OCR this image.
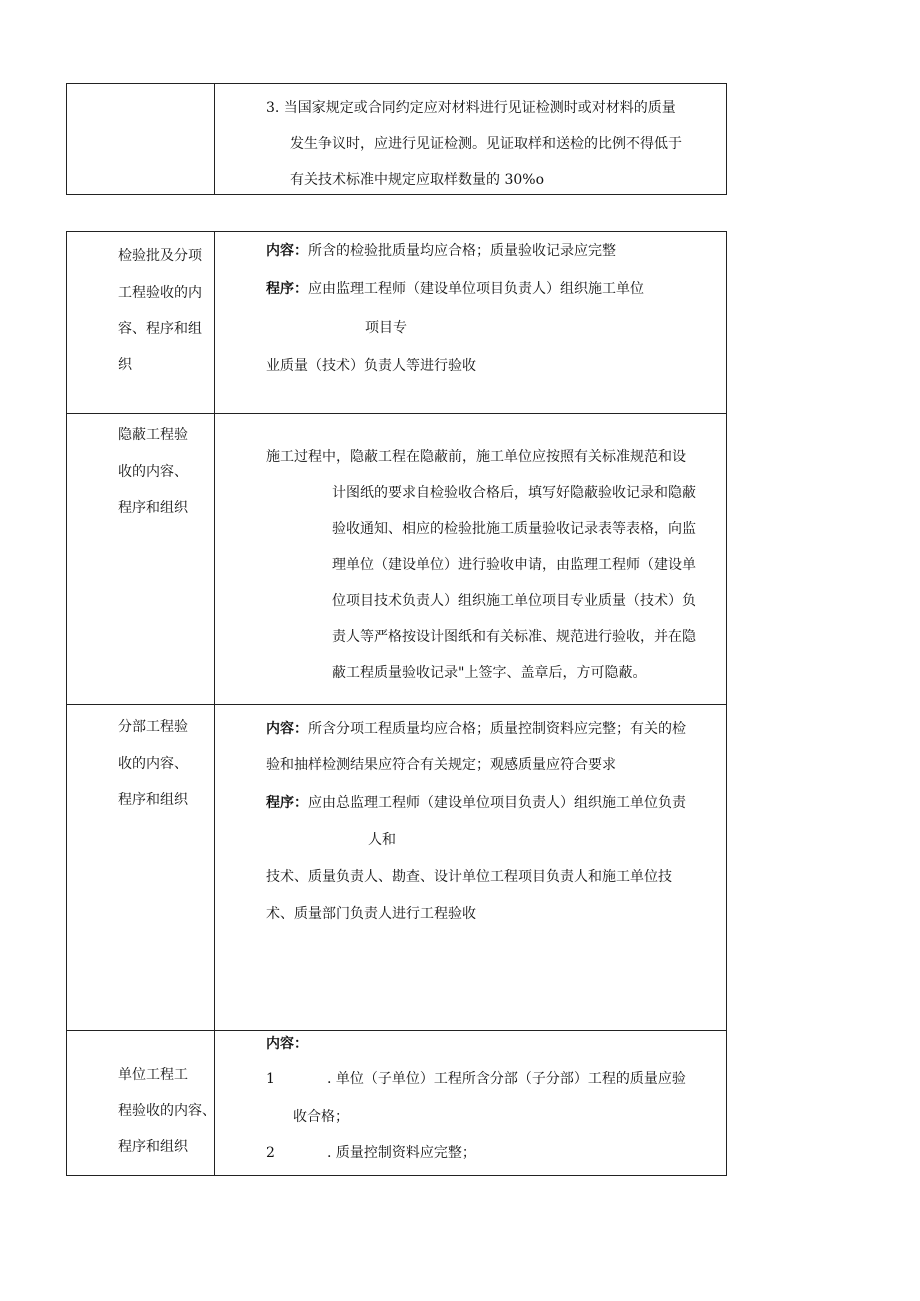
3. 当国家规定或合同约定应对材料进行见证检测时或对材料的质量
发生争议时，应进行见证检测。见证取样和送检的比例不得低于
有关技术标准中规定应取样数量的 30%o
检验批及分项
工程验收的内
容、程序和组
织
内容：所含的检验批质量均应合格；质量验收记录应完整
程序：应由监理工程师（建设单位项目负责人）组织施工单位
项目专
业质量（技术）负责人等进行验收
隐蔽工程验
收的内容、
程序和组织
施工过程中，隐蔽工程在隐蔽前，施工单位应按照有关标准规范和设
计图纸的要求自检验收合格后，填写好隐蔽验收记录和隐蔽
验收通知、相应的检验批施工质量验收记录表等表格，向监
理单位（建设单位）进行验收申请，由监理工程师（建设单
位项目技术负责人）组织施工单位项目专业质量（技术）负
责人等严格按设计图纸和有关标准、规范进行验收，并在隐
蔽工程质量验收记录"上签字、盖章后，方可隐蔽。
分部工程验
收的内容、
程序和组织
内容：所含分项工程质量均应合格；质量控制资料应完整；有关的检
验和抽样检测结果应符合有关规定；观感质量应符合要求
程序：应由总监理工程师（建设单位项目负责人）组织施工单位负责
人和
技术、质量负责人、勘查、设计单位工程项目负责人和施工单位技
术、质量部门负责人进行工程验收
单位工程工
程验收的内容、
程序和组织
内容：
1	. 单位（子单位）工程所含分部（子分部）工程的质量应验
收合格；
2	. 质量控制资料应完整；
